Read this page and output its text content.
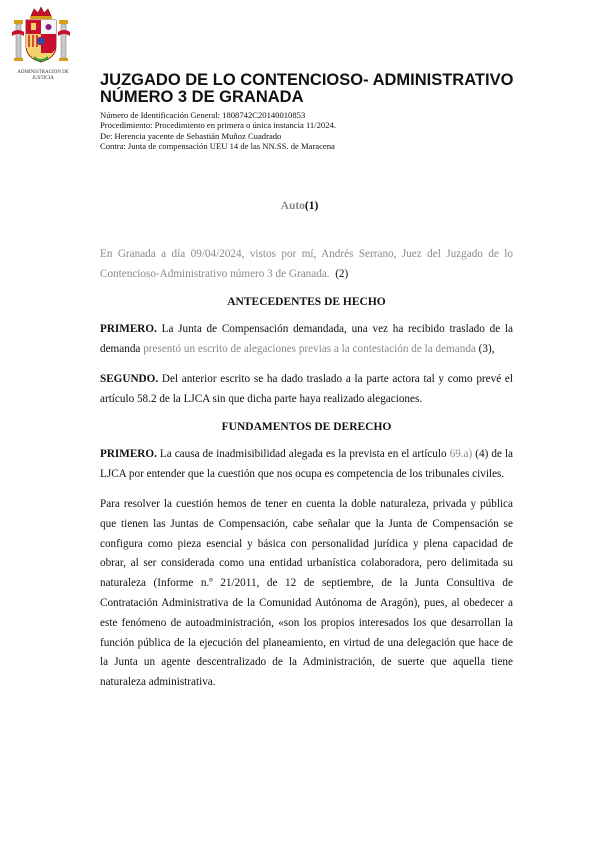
ADMINISTRACION DE JUSTICIA	JUZGADO DE LO CONTENCIOSO- ADMINISTRATIVO
NÚMERO 3 DE GRANADA
Número de Identificación General: 1808742C20140010853
Procedimiento: Procedimiento en primera o única instancia 11/2024.
De: Herencia yacente de Sebastián Muñoz Cuadrado
Contra: Junta de compensación UEU 14 de las NN.SS. de Maracena
Auto(1)

En Granada a día 09/04/2024, vistos por mí, Andrés Serrano, Juez del Juzgado de lo Contencioso-Administrativo número 3 de Granada. (2)

ANTECEDENTES DE HECHO

PRIMERO. La Junta de Compensación demandada, una vez ha recibido traslado de la demanda presentó un escrito de alegaciones previas a la contestación de la demanda (3),

SEGUNDO. Del anterior escrito se ha dado traslado a la parte actora tal y como prevé el artículo 58.2 de la LJCA sin que dicha parte haya realizado alegaciones.

FUNDAMENTOS DE DERECHO

PRIMERO. La causa de inadmisibilidad alegada es la prevista en el artículo 69.a) (4) de la LJCA por entender que la cuestión que nos ocupa es competencia de los tribunales civiles.

Para resolver la cuestión hemos de tener en cuenta la doble naturaleza, privada y pública que tienen las Juntas de Compensación, cabe señalar que la Junta de Compensación se configura como pieza esencial y básica con personalidad jurídica y plena capacidad de obrar, al ser considerada como una entidad urbanística colaboradora, pero delimitada su naturaleza (Informe n.º 21/2011, de 12 de septiembre, de la Junta Consultiva de Contratación Administrativa de la Comunidad Autónoma de Aragón), pues, al obedecer a este fenómeno de autoadministración, «son los propios interesados los que desarrollan la función pública de la ejecución del planeamiento, en virtud de una delegación que hace de la Junta un agente descentralizado de la Administración, de suerte que aquella tiene naturaleza administrativa.
